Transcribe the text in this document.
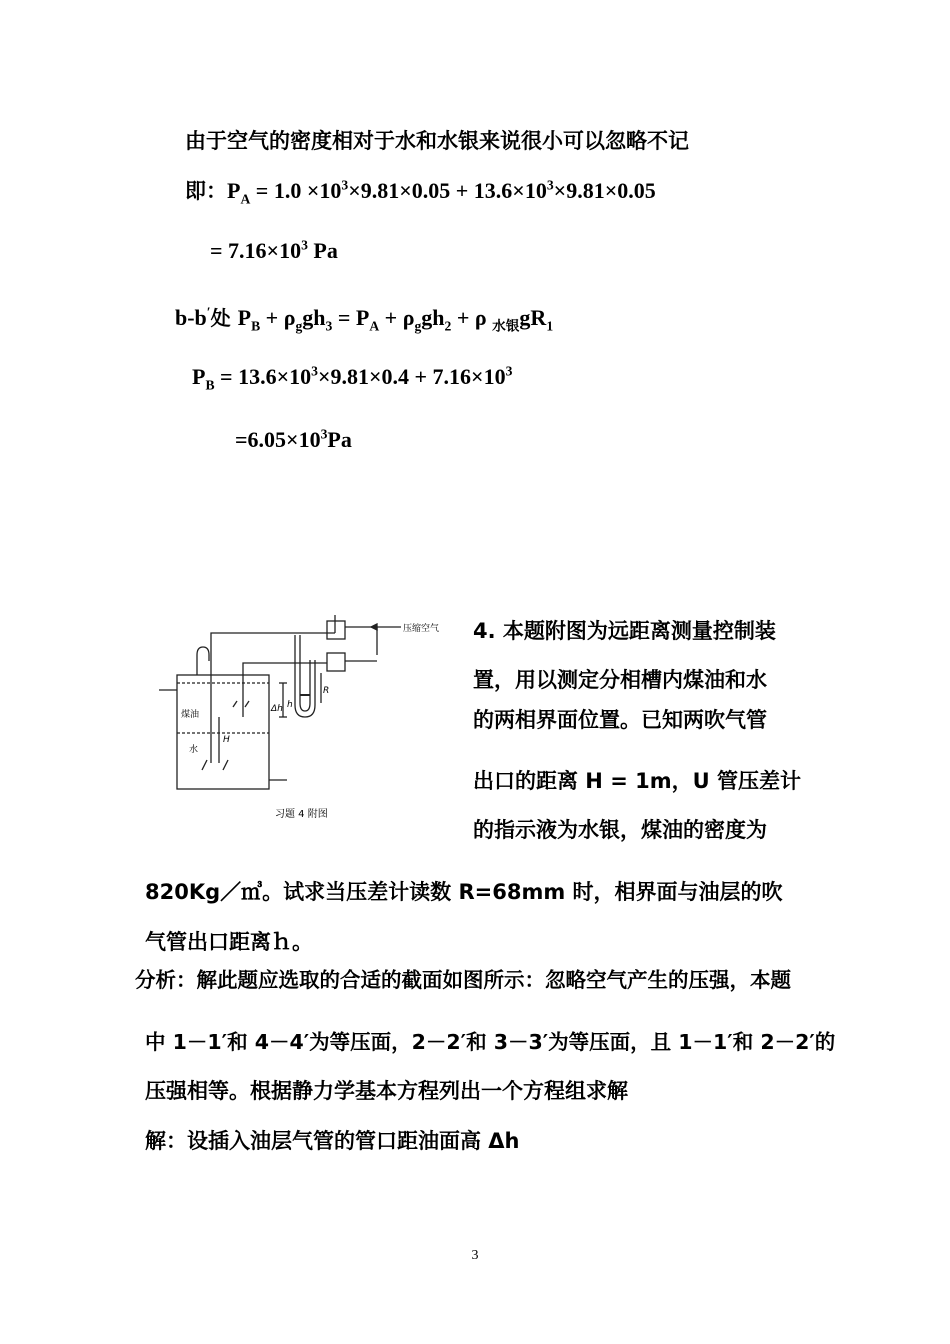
由于空气的密度相对于水和水银来说很小可以忽略不记
即：$P_A = 1.0 \times 10^3\times 9.81\times 0.05 + 13.6\times 10^3\times 9.81\times 0.05$
= $7.16\times 10^3$ Pa
b-b′处 $P_B + \rho_ggh_3 = P_A + \rho_ggh_2 + \rho$ $_{水银}gR_1$
$P_B = 13.6\times 10^3\times 9.81\times 0.4 + 7.16\times 10^3$
$=6.05\times 10^3Pa$
压缩空气
煤油
水
H
R
Δh h
习题 4 附图
4. 本题附图为远距离测量控制装
置，用以测定分相槽内煤油和水
的两相界面位置。已知两吹气管
出口的距离 H = 1m，U 管压差计
的指示液为水银，煤油的密度为
820Kg／㎥。试求当压差计读数 R=68mm 时，相界面与油层的吹
气管出口距离ｈ。
分析：解此题应选取的合适的截面如图所示：忽略空气产生的压强，本题
中 1－1′和 4－4′为等压面，2－2′和 3－3′为等压面，且 1－1′和 2－2′的
压强相等。根据静力学基本方程列出一个方程组求解
解：设插入油层气管的管口距油面高 Δh
3
